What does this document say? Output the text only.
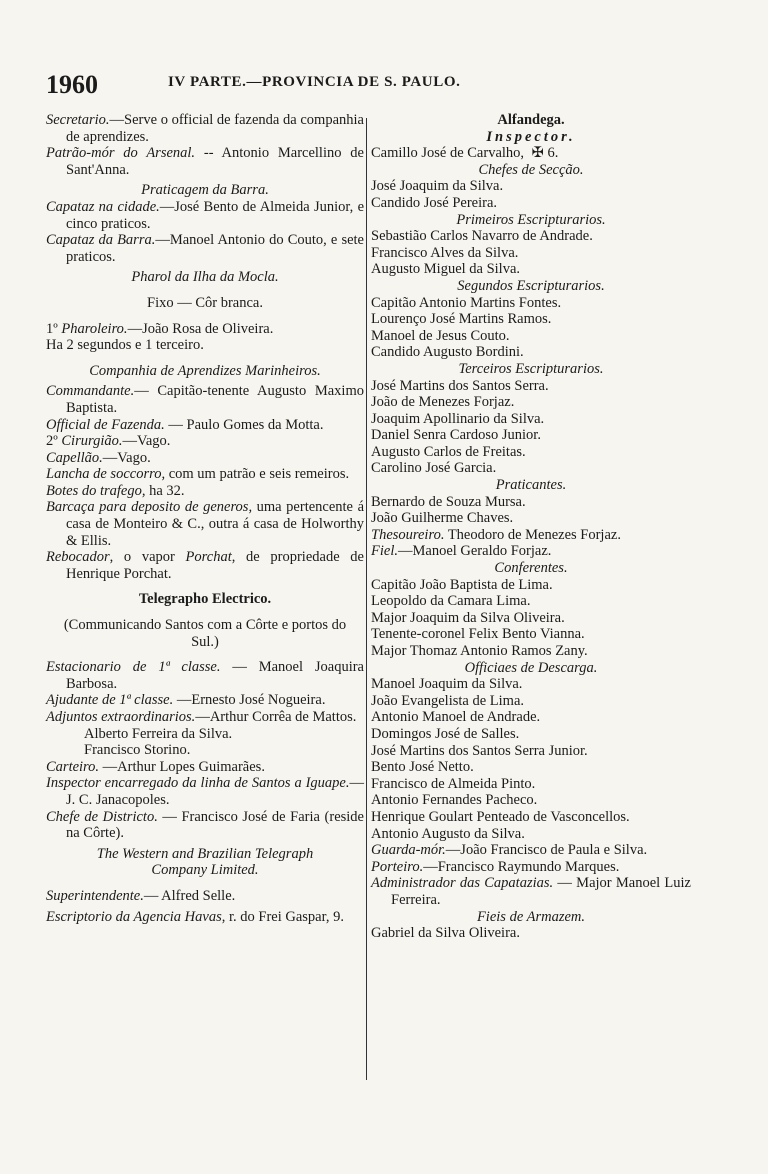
1960	IV PARTE.—PROVINCIA DE S. PAULO.
Secretario.—Serve o official de fazenda da companhia de aprendizes.
Patrão-mór do Arsenal. -- Antonio Marcellino de Sant'Anna.
Praticagem da Barra.
Capataz na cidade.—José Bento de Almeida Junior, e cinco praticos.
Capataz da Barra.—Manoel Antonio do Couto, e sete praticos.
Pharol da Ilha da Mocla.
Fixo — Côr branca.
1º Pharoleiro.—João Rosa de Oliveira.
Ha 2 segundos e 1 terceiro.
Companhia de Aprendizes Marinheiros.
Commandante.— Capitão-tenente Augusto Maximo Baptista.
Official de Fazenda. — Paulo Gomes da Motta.
2º Cirurgião.—Vago.
Capellão.—Vago.
Lancha de soccorro, com um patrão e seis remeiros.
Botes do trafego, ha 32.
Barcaça para deposito de generos, uma pertencente á casa de Monteiro & C., outra á casa de Holworthy & Ellis.
Rebocador, o vapor Porchat, de propriedade de Henrique Porchat.
Telegrapho Electrico.
(Communicando Santos com a Côrte e portos do Sul.)
Estacionario de 1ª classe. — Manoel Joaquira Barbosa.
Ajudante de 1ª classe. —Ernesto José Nogueira.
Adjuntos extraordinarios.—Arthur Corrêa de Mattos.
Alberto Ferreira da Silva.
Francisco Storino.
Carteiro. —Arthur Lopes Guimarães.
Inspector encarregado da linha de Santos a Iguape.—J. C. Janacopoles.
Chefe de Districto. — Francisco José de Faria (reside na Côrte).
The Western and Brazilian Telegraph Company Limited.
Superintendente.— Alfred Selle.
Escriptorio da Agencia Havas, r. do Frei Gaspar, 9.
Alfandega.
Inspector.
Camillo José de Carvalho, ✠ 6.
Chefes de Secção.
José Joaquim da Silva.
Candido José Pereira.
Primeiros Escripturarios.
Sebastião Carlos Navarro de Andrade.
Francisco Alves da Silva.
Augusto Miguel da Silva.
Segundos Escripturarios.
Capitão Antonio Martins Fontes.
Lourenço José Martins Ramos.
Manoel de Jesus Couto.
Candido Augusto Bordini.
Terceiros Escripturarios.
José Martins dos Santos Serra.
João de Menezes Forjaz.
Joaquim Apollinario da Silva.
Daniel Senra Cardoso Junior.
Augusto Carlos de Freitas.
Carolino José Garcia.
Praticantes.
Bernardo de Souza Mursa.
João Guilherme Chaves.
Thesoureiro. Theodoro de Menezes Forjaz.
Fiel.—Manoel Geraldo Forjaz.
Conferentes.
Capitão João Baptista de Lima.
Leopoldo da Camara Lima.
Major Joaquim da Silva Oliveira.
Tenente-coronel Felix Bento Vianna.
Major Thomaz Antonio Ramos Zany.
Officiaes de Descarga.
Manoel Joaquim da Silva.
João Evangelista de Lima.
Antonio Manoel de Andrade.
Domingos José de Salles.
José Martins dos Santos Serra Junior.
Bento José Netto.
Francisco de Almeida Pinto.
Antonio Fernandes Pacheco.
Henrique Goulart Penteado de Vasconcellos.
Antonio Augusto da Silva.
Guarda-mór.—João Francisco de Paula e Silva.
Porteiro.—Francisco Raymundo Marques.
Administrador das Capatazias. — Major Manoel Luiz Ferreira.
Fieis de Armazem.
Gabriel da Silva Oliveira.
